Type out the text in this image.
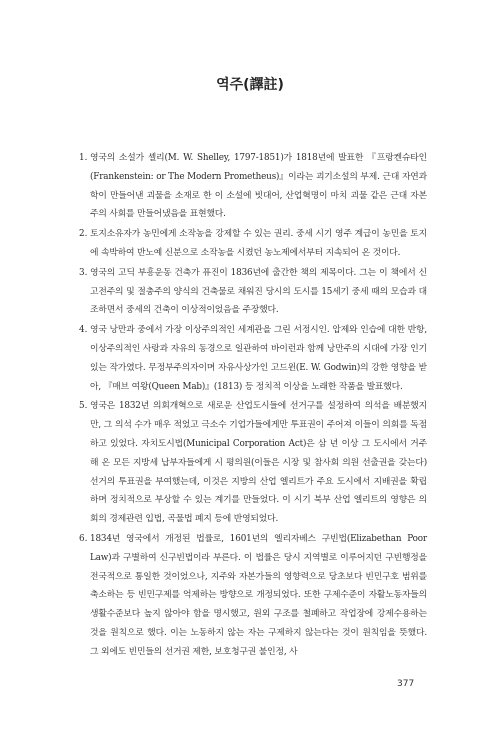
역주(譯註)
1. 영국의 소설가 셸리(M. W. Shelley, 1797-1851)가 1818년에 발표한 『프랑켄슈타인(Frankenstein: or The Modern Prometheus)』이라는 괴기소설의 부제. 근대 자연과학이 만들어낸 괴물을 소재로 한 이 소설에 빗대어, 산업혁명이 마치 괴물 같은 근대 자본주의 사회를 만들어냈음을 표현했다.
2. 토지소유자가 농민에게 소작농을 강제할 수 있는 권리. 중세 시기 영주 계급이 농민을 토지에 속박하여 반노예 신분으로 소작농을 시켰던 농노제에서부터 지속되어 온 것이다.
3. 영국의 고딕 부흥운동 건축가 퓨진이 1836년에 출간한 책의 제목이다. 그는 이 책에서 신고전주의 및 절충주의 양식의 건축물로 채워진 당시의 도시를 15세기 중세 때의 모습과 대조하면서 중세의 건축이 이상적이었음을 주장했다.
4. 영국 낭만과 중에서 가장 이상주의적인 세계관을 그린 서정시인. 압제와 인습에 대한 반항, 이상주의적인 사랑과 자유의 동경으로 일관하여 바이런과 함께 낭만주의 시대에 가장 인기있는 작가였다. 무정부주의자이며 자유사상가인 고드윈(E. W. Godwin)의 강한 영향을 받아, 『매브 여왕(Queen Mab)』(1813) 등 정치적 이상을 노래한 작품을 발표했다.
5. 영국은 1832년 의회개혁으로 새로운 산업도시들에 선거구를 설정하여 의석을 배분했지만, 그 의석 수가 매우 적었고 극소수 기업가들에게만 투표권이 주어져 이들이 의회를 독점하고 있었다. 자치도시법(Municipal Corporation Act)은 삼 년 이상 그 도시에서 거주해 온 모든 지방세 납부자들에게 시 평의원(이들은 시장 및 참사회 의원 선출권을 갖는다) 선거의 투표권을 부여했는데, 이것은 지방의 산업 엘리트가 주요 도시에서 지배권을 확립하며 정치적으로 부상할 수 있는 계기를 만들었다. 이 시기 북부 산업 엘리트의 영향은 의회의 경제관련 입법, 곡물법 폐지 등에 반영되었다.
6. 1834년 영국에서 개정된 법률로, 1601년의 엘리자베스 구빈법(Elizabethan Poor Law)과 구별하여 신구빈법이라 부른다. 이 법률은 당시 지역별로 이루어지던 구빈행정을 전국적으로 통일한 것이었으나, 지주와 자본가들의 영향력으로 당초보다 빈민구호 범위를 축소하는 등 빈민구제를 억제하는 방향으로 개정되었다. 또한 구제수준이 자활노동자들의 생활수준보다 높지 않아야 함을 명시했고, 원외 구조를 철폐하고 작업장에 강제수용하는 것을 원칙으로 했다. 이는 노동하지 않는 자는 구제하지 않는다는 것이 원칙임을 뜻했다. 그 외에도 빈민들의 선거권 제한, 보호청구권 불인정, 사
377
